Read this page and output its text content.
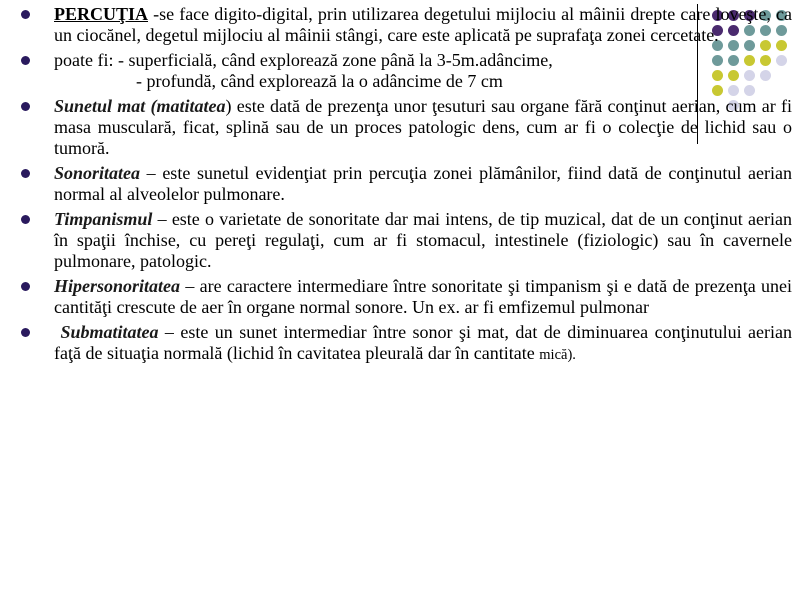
PERCUŢIA -se face digito-digital, prin utilizarea degetului mijlociu al mâinii drepte care loveşte, ca un ciocănel, degetul mijlociu al mâinii stângi, care este aplicată pe suprafaţa zonei cercetate.
poate fi: - superficială, când explorează zone până la 3-5m.adâncime,
- profundă, când explorează la o adâncime de 7 cm
Sunetul mat (matitatea) este dată de prezenţa unor ţesuturi sau organe fără conţinut aerian, cum ar fi masa musculară, ficat, splină sau de un proces patologic dens, cum ar fi o colecţie de lichid sau o tumoră.
Sonoritatea – este sunetul evidenţiat prin percuţia zonei plămânilor, fiind dată de conţinutul aerian normal al alveolelor pulmonare.
Timpanismul – este o varietate de sonoritate dar mai intens, de tip muzical, dat de un conţinut aerian în spaţii închise, cu pereţi regulaţi, cum ar fi stomacul, intestinele (fiziologic) sau în cavernele pulmonare, patologic.
Hipersonoritatea – are caractere intermediare între sonoritate şi timpanism şi e dată de prezenţa unei cantităţi crescute de aer în organe normal sonore. Un ex. ar fi emfizemul pulmonar
Submatitatea – este un sunet intermediar între sonor şi mat, dat de diminuarea conţinutului aerian faţă de situaţia normală (lichid în cavitatea pleurală dar în cantitate mică).
